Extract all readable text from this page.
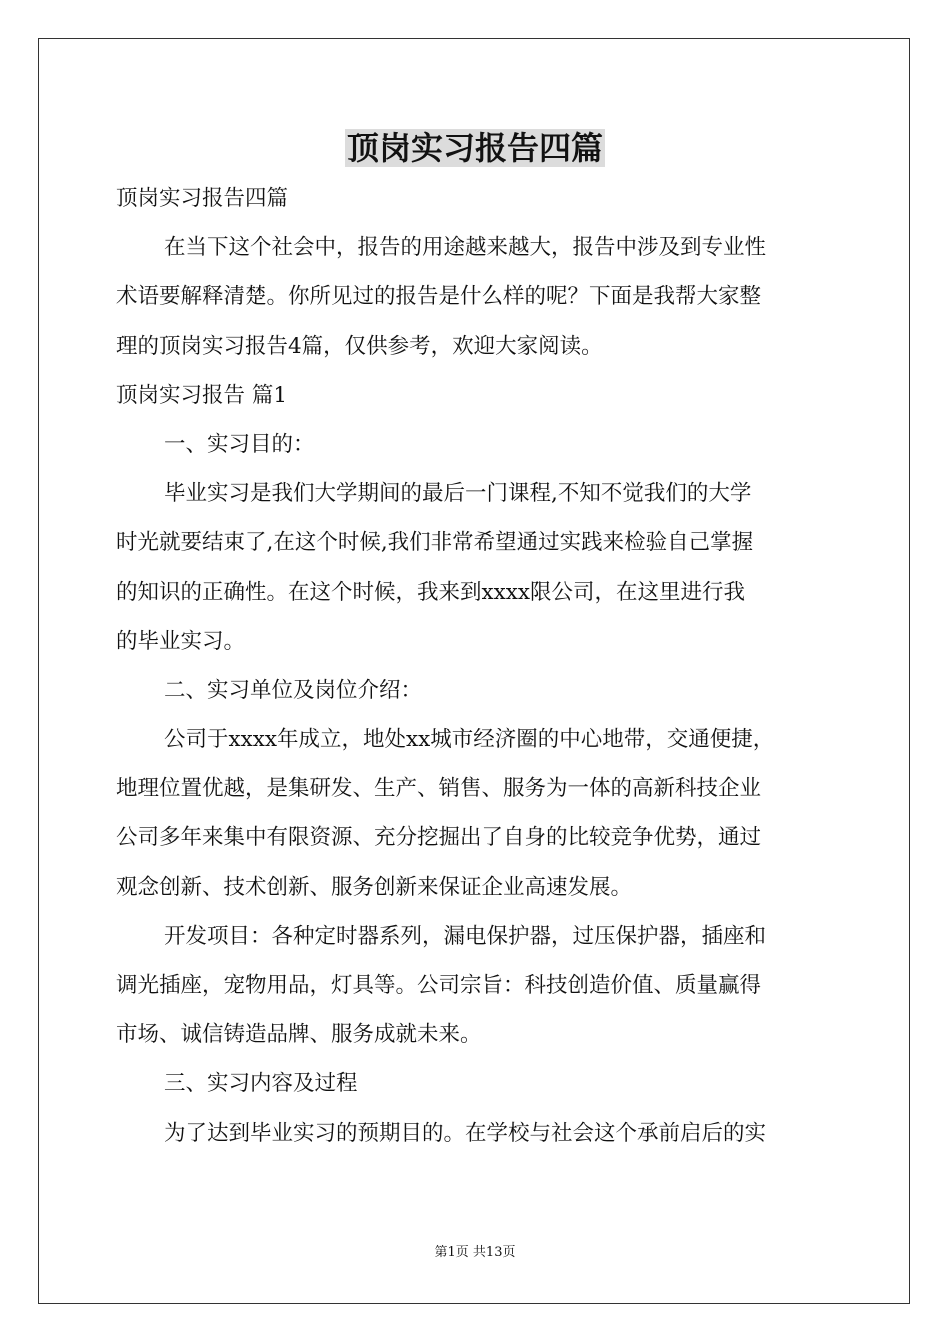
顶岗实习报告四篇
顶岗实习报告四篇
在当下这个社会中，报告的用途越来越大，报告中涉及到专业性
术语要解释清楚。你所见过的报告是什么样的呢？下面是我帮大家整
理的顶岗实习报告4篇，仅供参考，欢迎大家阅读。
顶岗实习报告 篇1
一、实习目的：
毕业实习是我们大学期间的最后一门课程,不知不觉我们的大学
时光就要结束了,在这个时候,我们非常希望通过实践来检验自己掌握
的知识的正确性。在这个时候，我来到xxxx限公司，在这里进行我
的毕业实习。
二、实习单位及岗位介绍：
公司于xxxx年成立，地处xx城市经济圈的中心地带，交通便捷，
地理位置优越，是集研发、生产、销售、服务为一体的高新科技企业
公司多年来集中有限资源、充分挖掘出了自身的比较竞争优势，通过
观念创新、技术创新、服务创新来保证企业高速发展。
开发项目：各种定时器系列，漏电保护器，过压保护器，插座和
调光插座，宠物用品，灯具等。公司宗旨：科技创造价值、质量赢得
市场、诚信铸造品牌、服务成就未来。
三、实习内容及过程
为了达到毕业实习的预期目的。在学校与社会这个承前启后的实
第1页 共13页
